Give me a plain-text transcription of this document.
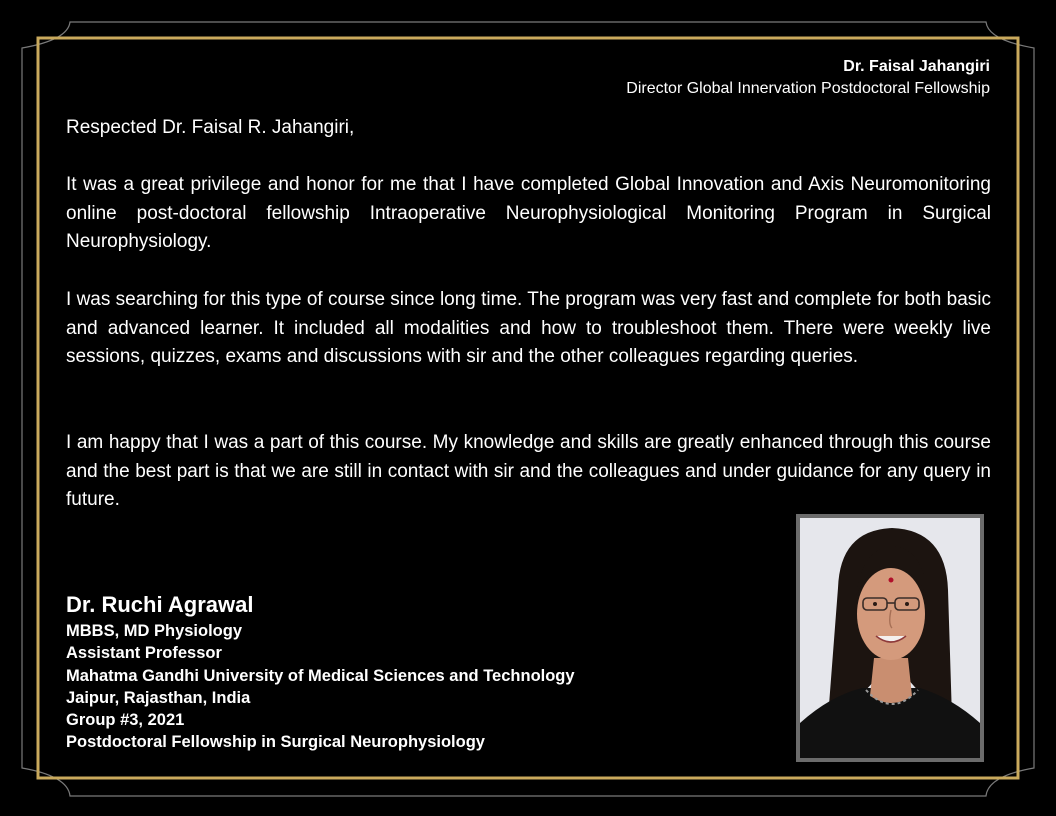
Dr. Faisal Jahangiri
Director Global Innervation Postdoctoral Fellowship
Respected Dr. Faisal R. Jahangiri,
It was a great privilege and honor for me that I have completed Global Innovation and Axis Neuromonitoring online post-doctoral fellowship Intraoperative Neurophysiological Monitoring Program in Surgical Neurophysiology.
I was searching for this type of course since long time. The program was very fast and complete for both basic and advanced learner. It included all modalities and how to troubleshoot them. There were weekly live sessions, quizzes, exams and discussions with sir and the other colleagues regarding queries.
I am happy that I was a part of this course. My knowledge and skills are greatly enhanced through this course and the best part is that we are still in contact with sir and the colleagues and under guidance for any query in future.
Dr. Ruchi Agrawal
MBBS, MD Physiology
Assistant Professor
Mahatma Gandhi University of Medical Sciences and Technology
Jaipur, Rajasthan, India
Group #3, 2021
Postdoctoral Fellowship in Surgical Neurophysiology
